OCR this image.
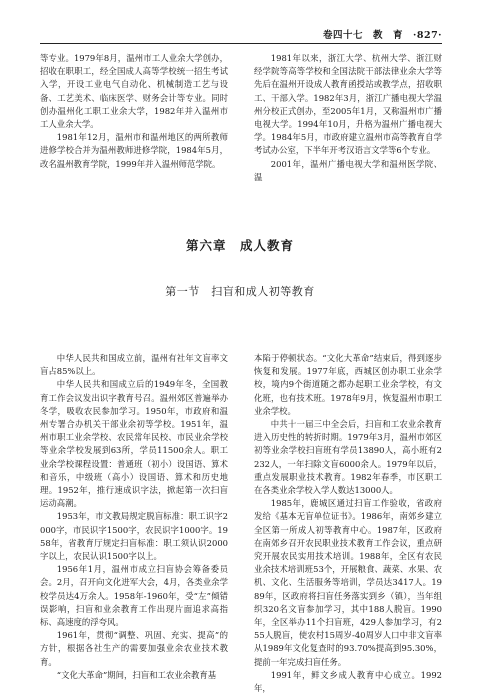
卷四十七　教　育　·827·

等专业。1979年8月，温州市工人业余大学创办，招收在职职工，经全国成人高等学校统一招生考试入学，开设工业电气自动化、机械制造工艺与设备、工艺美术、临床医学、财务会计等专业。同时创办温州化工职工业余大学，1982年并入温州市工人业余大学。

1981年12月，温州市和温州地区的两所教师进修学校合并为温州教师进修学院，1984年5月，改名温州教育学院，1999年并入温州师范学院。

1981年以来，浙江大学、杭州大学、浙江财经学院等高等学校和全国法院干部法律业余大学等先后在温州开设成人教育函授站或教学点，招收职工、干部入学。1982年3月，浙江广播电视大学温州分校正式创办，至2005年1月，又称温州市广播电视大学。1994年10月，升格为温州广播电视大学。1984年5月，市政府建立温州市高等教育自学考试办公室，下半年开考汉语言文学等6个专业。

2001年，温州广播电视大学和温州医学院、温

第六章　成人教育
第一节　扫盲和成人初等教育

中华人民共和国成立前，温州有社年文盲率文盲占85%以上。

中华人民共和国成立后的1949年冬，全国教育工作会议发出识字教育号召。温州郊区普遍举办冬学，吸收农民参加学习。1950年，市政府和温州专署合办机关干部业余初等学校。1951年，温州市职工业余学校、农民常年民校、市民业余学校等业余学校发展到63所，学员11500余人。职工业余学校课程设置：普通班（初小）设国语、算术和音乐，中级班（高小）设国语、算术和历史地理。1952年，推行速成识字法，掀起第一次扫盲运动高潮。

1953年，市文教局规定脱盲标准：职工识字2000字，市民识字1500字，农民识字1000字。1958年，省教育厅规定扫盲标准：职工须认识2000字以上，农民认识1500字以上。

1956年1月，温州市成立扫盲协会筹备委员会。2月，召开向文化进军大会，4月，各类业余学校学员达4万余人。1958年-1960年，受“左”倾错误影响，扫盲和业余教育工作出现片面追求高指标、高速度的浮夸风。

1961年，贯彻“调整、巩固、充实、提高”的方针，根据各社生产的需要加强业余农业技术教育。

“文化大革命”期间，扫盲和工农业余教育基

本陷于停顿状态。“文化大革命”结束后，得到逐步恢复和发展。1977年底，西城区创办职工业余学校，境内9个街道随之都办起职工业余学校，有文化班，也有技术班。1978年9月，恢复温州市职工业余学校。

中共十一届三中全会后，扫盲和工农业余教育进入历史性的转折时期。1979年3月，温州市郊区初等业余学校扫盲班有学员13890人，高小班有2232人，一年扫除文盲6000余人。1979年以后，重点发展职业技术教育。1982年春季，市区职工在各类业余学校入学人数达13000人。

1985年，鹿城区通过扫盲工作验收，省政府发给《基本无盲单位证书》。1986年，南郊乡建立全区第一所成人初等教育中心。1987年，区政府在南郊乡召开农民职业技术教育工作会议，重点研究开展农民实用技术培训。1988年，全区有农民业余技术培训班53个，开展粮食、蔬菜、水果、农机、文化、生活服务等培训，学员达3417人。1989年，区政府将扫盲任务落实到乡（镇），当年组织320名文盲参加学习，其中188人脱盲。1990年，全区举办11个扫盲班，429人参加学习，有255人脱盲，使农村15周岁-40周岁人口中非文盲率从1989年文化复查时的93.70%提高到95.30%，提前一年完成扫盲任务。

1991年，鲜文乡成人教育中心成立。1992年，
